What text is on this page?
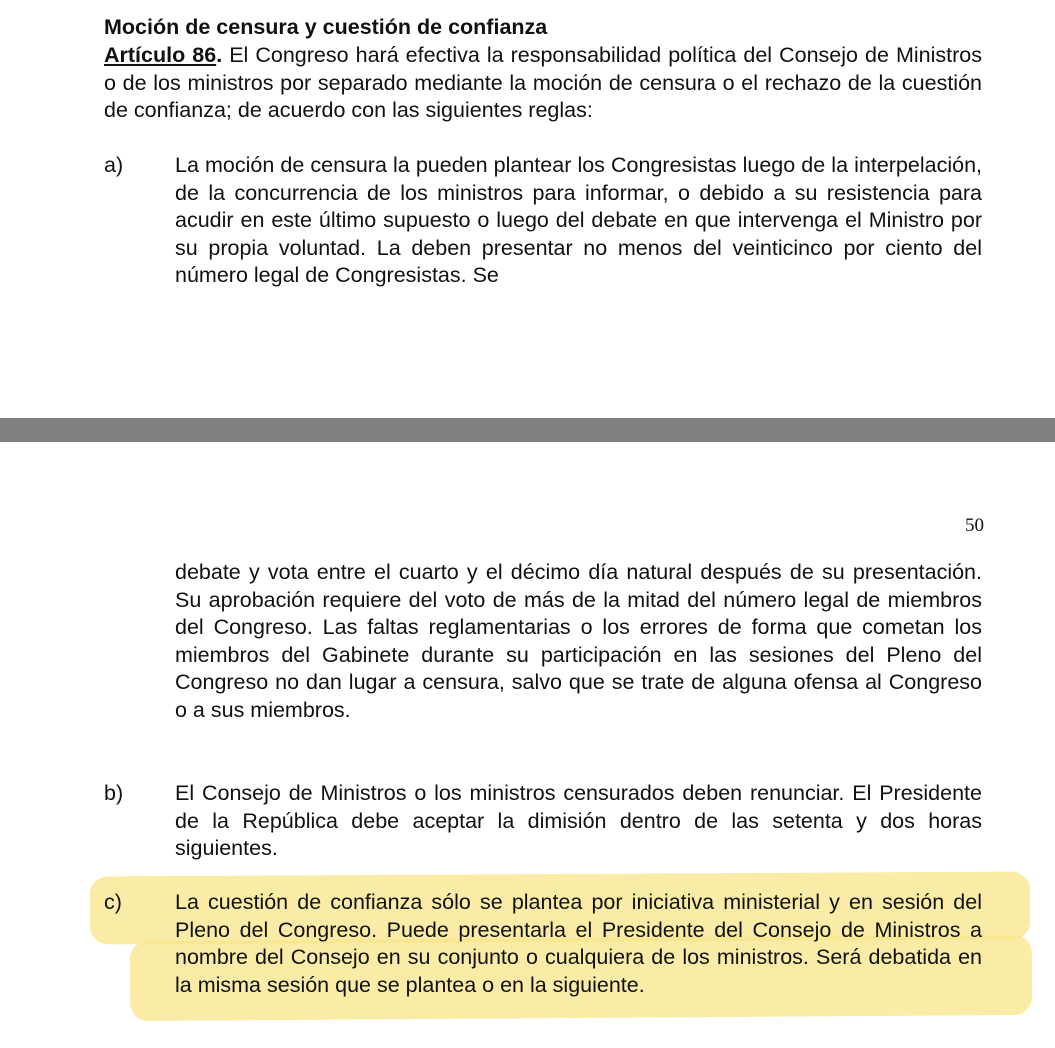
Moción de censura y cuestión de confianza
Artículo 86. El Congreso hará efectiva la responsabilidad política del Consejo de Ministros o de los ministros por separado mediante la moción de censura o el rechazo de la cuestión de confianza; de acuerdo con las siguientes reglas:
a) La moción de censura la pueden plantear los Congresistas luego de la interpelación, de la concurrencia de los ministros para informar, o debido a su resistencia para acudir en este último supuesto o luego del debate en que intervenga el Ministro por su propia voluntad. La deben presentar no menos del veinticinco por ciento del número legal de Congresistas. Se
50
debate y vota entre el cuarto y el décimo día natural después de su presentación. Su aprobación requiere del voto de más de la mitad del número legal de miembros del Congreso. Las faltas reglamentarias o los errores de forma que cometan los miembros del Gabinete durante su participación en las sesiones del Pleno del Congreso no dan lugar a censura, salvo que se trate de alguna ofensa al Congreso o a sus miembros.
b) El Consejo de Ministros o los ministros censurados deben renunciar. El Presidente de la República debe aceptar la dimisión dentro de las setenta y dos horas siguientes.
c) La cuestión de confianza sólo se plantea por iniciativa ministerial y en sesión del Pleno del Congreso. Puede presentarla el Presidente del Consejo de Ministros a nombre del Consejo en su conjunto o cualquiera de los ministros. Será debatida en la misma sesión que se plantea o en la siguiente.
